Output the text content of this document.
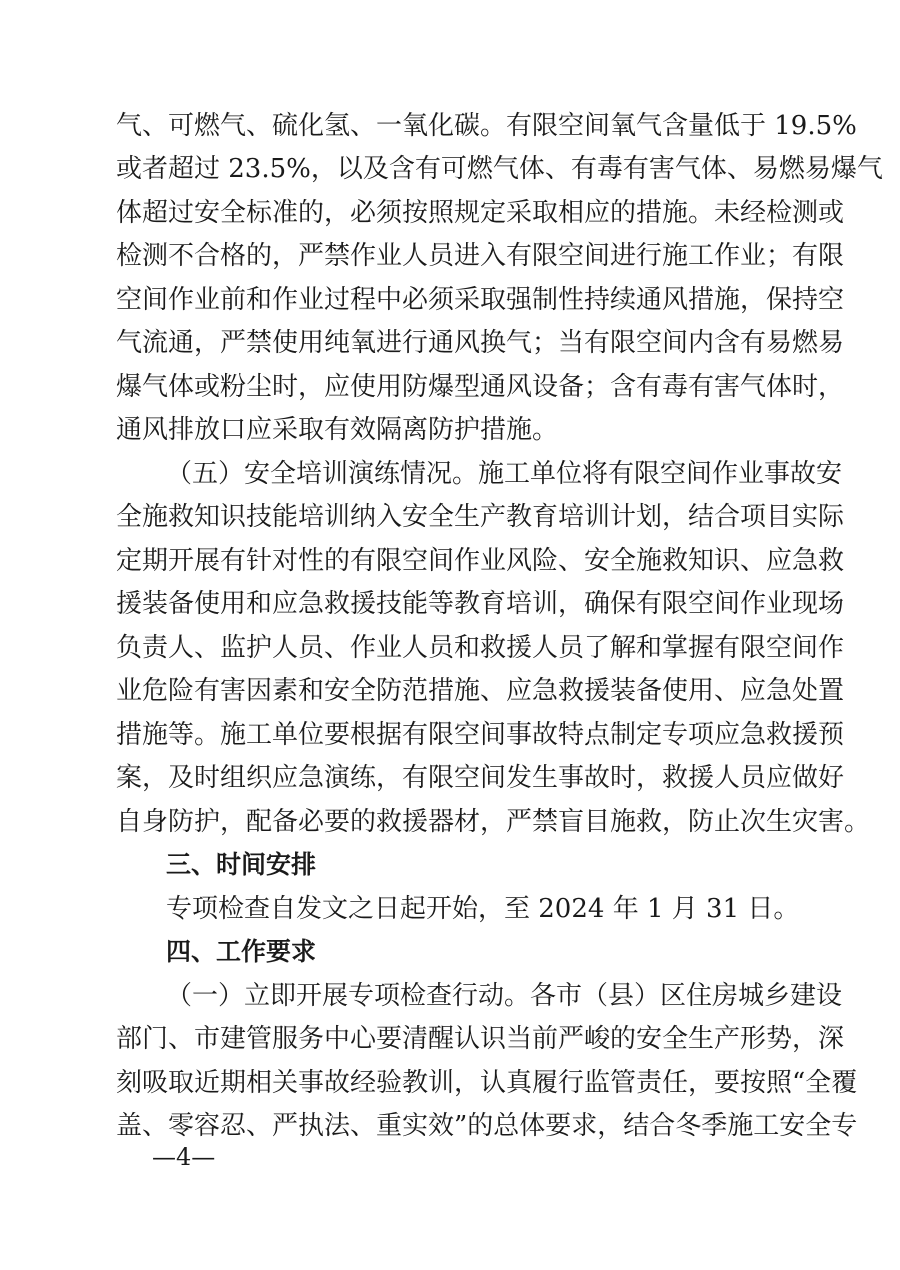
气、可燃气、硫化氢、一氧化碳。有限空间氧气含量低于 19.5%
或者超过 23.5%，以及含有可燃气体、有毒有害气体、易燃易爆气
体超过安全标准的，必须按照规定采取相应的措施。未经检测或
检测不合格的，严禁作业人员进入有限空间进行施工作业；有限
空间作业前和作业过程中必须采取强制性持续通风措施，保持空
气流通，严禁使用纯氧进行通风换气；当有限空间内含有易燃易
爆气体或粉尘时，应使用防爆型通风设备；含有毒有害气体时，
通风排放口应采取有效隔离防护措施。
（五）安全培训演练情况。施工单位将有限空间作业事故安
全施救知识技能培训纳入安全生产教育培训计划，结合项目实际
定期开展有针对性的有限空间作业风险、安全施救知识、应急救
援装备使用和应急救援技能等教育培训，确保有限空间作业现场
负责人、监护人员、作业人员和救援人员了解和掌握有限空间作
业危险有害因素和安全防范措施、应急救援装备使用、应急处置
措施等。施工单位要根据有限空间事故特点制定专项应急救援预
案，及时组织应急演练，有限空间发生事故时，救援人员应做好
自身防护，配备必要的救援器材，严禁盲目施救，防止次生灾害。
三、时间安排
专项检查自发文之日起开始，至 2024 年 1 月 31 日。
四、工作要求
（一）立即开展专项检查行动。各市（县）区住房城乡建设
部门、市建管服务中心要清醒认识当前严峻的安全生产形势，深
刻吸取近期相关事故经验教训，认真履行监管责任，要按照“全覆
盖、零容忍、严执法、重实效”的总体要求，结合冬季施工安全专
—4—
